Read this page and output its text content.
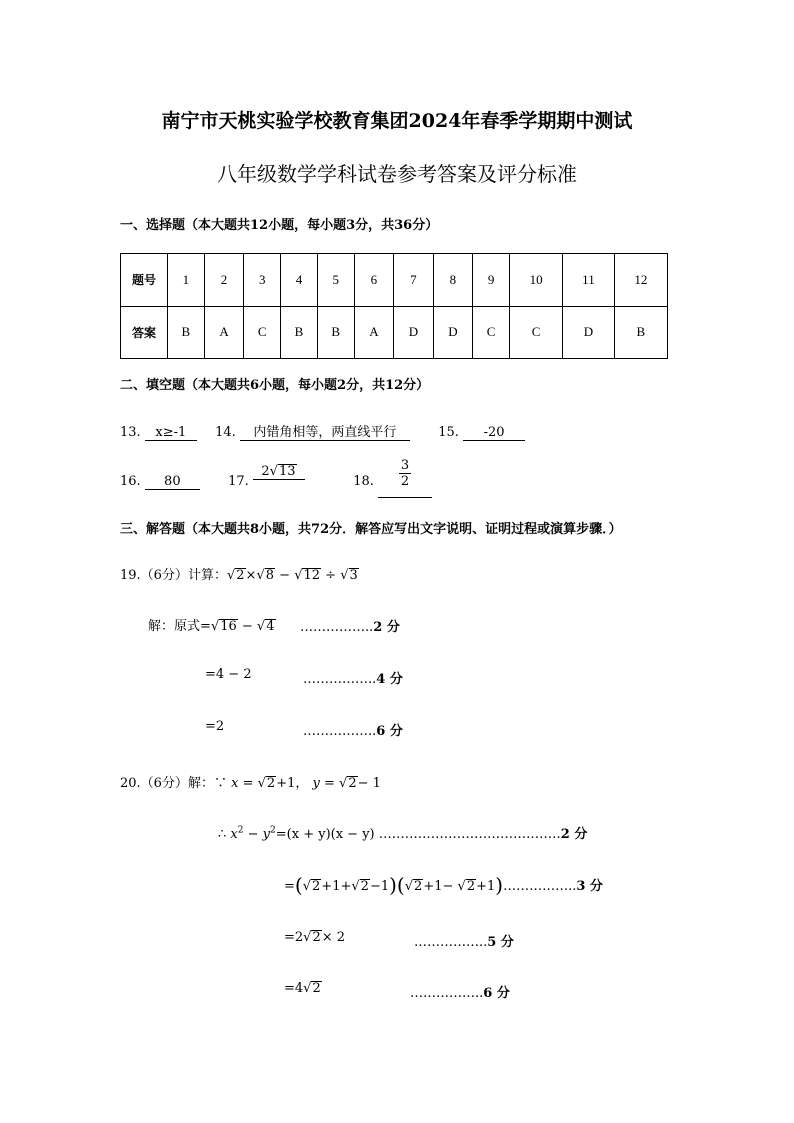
南宁市天桃实验学校教育集团2024年春季学期期中测试
八年级数学学科试卷参考答案及评分标准
一、选择题（本大题共12小题，每小题3分，共36分）
题号	1	2	3	4	5	6	7	8	9	10	11	12
答案	B	A	C	B	B	A	D	D	C	C	D	B
二、填空题（本大题共6小题，每小题2分，共12分）
13. x≥-1 14. 内错角相等，两直线平行	15. -20
16. 80	17. 2√13  18. $\frac{3}{2}$
三、解答题（本大题共8小题，共72分．解答应写出文字说明、证明过程或演算步骤．）
19.（6分）计算：√2×√8 − √12 ÷ √3
解：原式=√16 − √4 ……………..2 分
=4 − 2	……………..4 分
=2	……………..6 分
20.（6分）解：∵ x = √2+1， y = √2− 1
∴ $x^2 - y^2=(x + y)(x - y)$ ……………………………………2 分
=(√2+1+√2−1)(√2+1− √2+1)……………..3 分
=2√2× 2	……………..5 分
=4√2	……………..6 分
